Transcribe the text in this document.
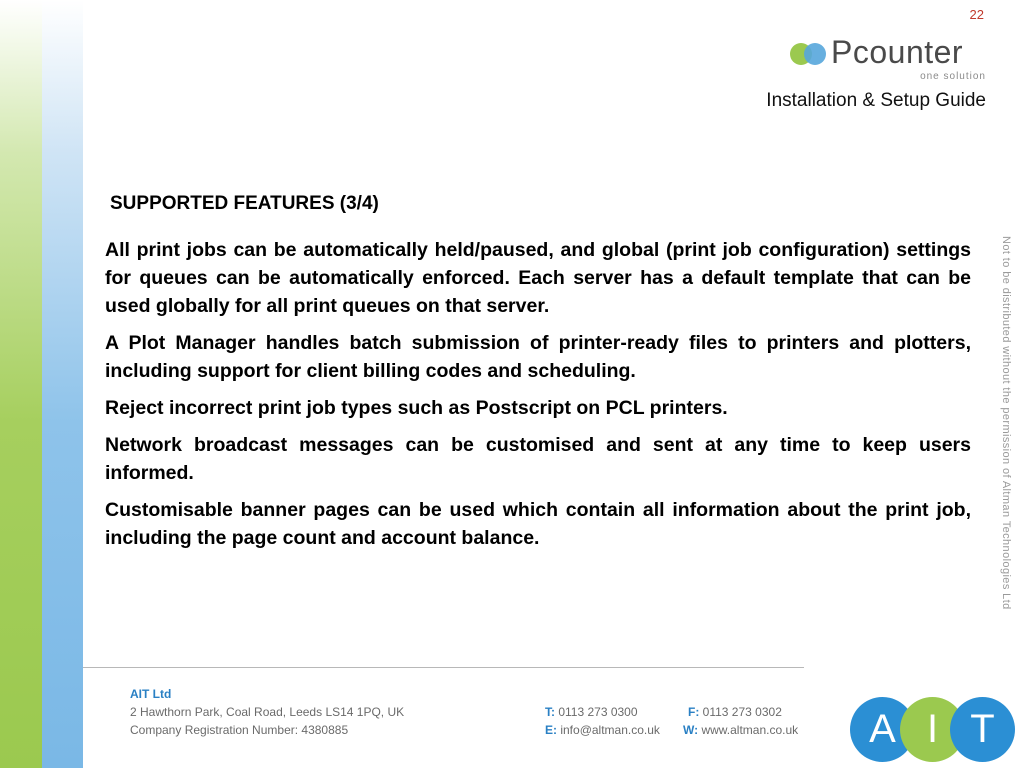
22
Pcounter
one solution
Installation & Setup Guide
SUPPORTED FEATURES (3/4)

All print jobs can be automatically held/paused, and global (print job configuration) settings for queues can be automatically enforced. Each server has a default template that can be used globally for all print queues on that server.

A Plot Manager handles batch submission of printer-ready files to printers and plotters, including support for client billing codes and scheduling.

Reject incorrect print job types such as Postscript on PCL printers.

Network broadcast messages can be customised and sent at any time to keep users informed.

Customisable banner pages can be used which contain all information about the print job, including the page count and account balance.	Not to be distributed without the permission of Altman Technologies Ltd
AIT Ltd
2 Hawthorn Park, Coal Road, Leeds LS14 1PQ, UK
Company Registration Number: 4380885
T: 0113 273 0300	F: 0113 273 0302
E: info@altman.co.uk W: www.altman.co.uk	A I T
